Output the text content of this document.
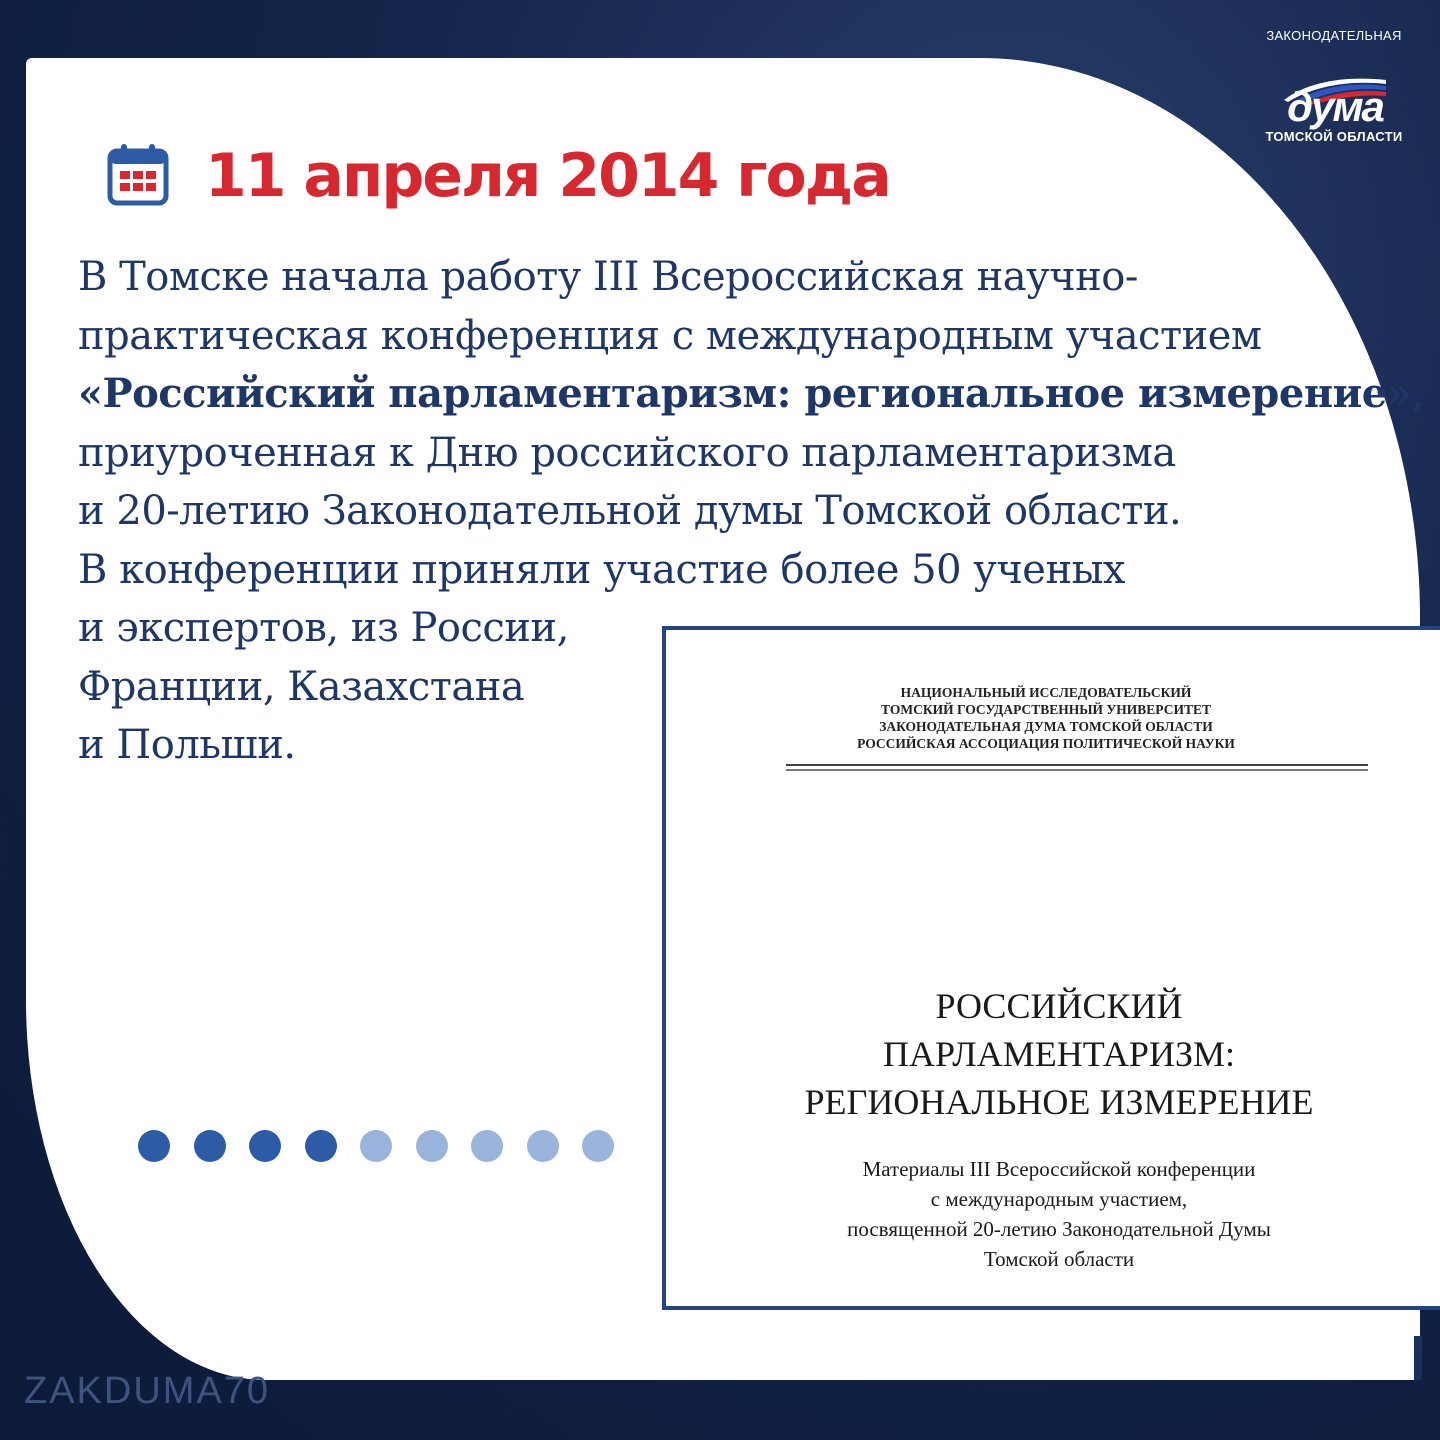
ЗАКОНОДАТЕЛЬНАЯ
дума
ТОМСКОЙ ОБЛАСТИ
11 апреля 2014 года
В Томске начала работу III Всероссийская научно-
практическая конференция с международным участием
«Российский парламентаризм: региональное измерение»,
приуроченная к Дню российского парламентаризма
и 20-летию Законодательной думы Томской области.
В конференции приняли участие более 50 ученых
и экспертов, из России,
Франции, Казахстана
и Польши.
НАЦИОНАЛЬНЫЙ ИССЛЕДОВАТЕЛЬСКИЙ
ТОМСКИЙ ГОСУДАРСТВЕННЫЙ УНИВЕРСИТЕТ
ЗАКОНОДАТЕЛЬНАЯ ДУМА ТОМСКОЙ ОБЛАСТИ
РОССИЙСКАЯ АССОЦИАЦИЯ ПОЛИТИЧЕСКОЙ НАУКИ
РОССИЙСКИЙ
ПАРЛАМЕНТАРИЗМ:
РЕГИОНАЛЬНОЕ ИЗМЕРЕНИЕ
Материалы III Всероссийской конференции
с международным участием,
посвященной 20-летию Законодательной Думы
Томской области
ZAKDUMA70
